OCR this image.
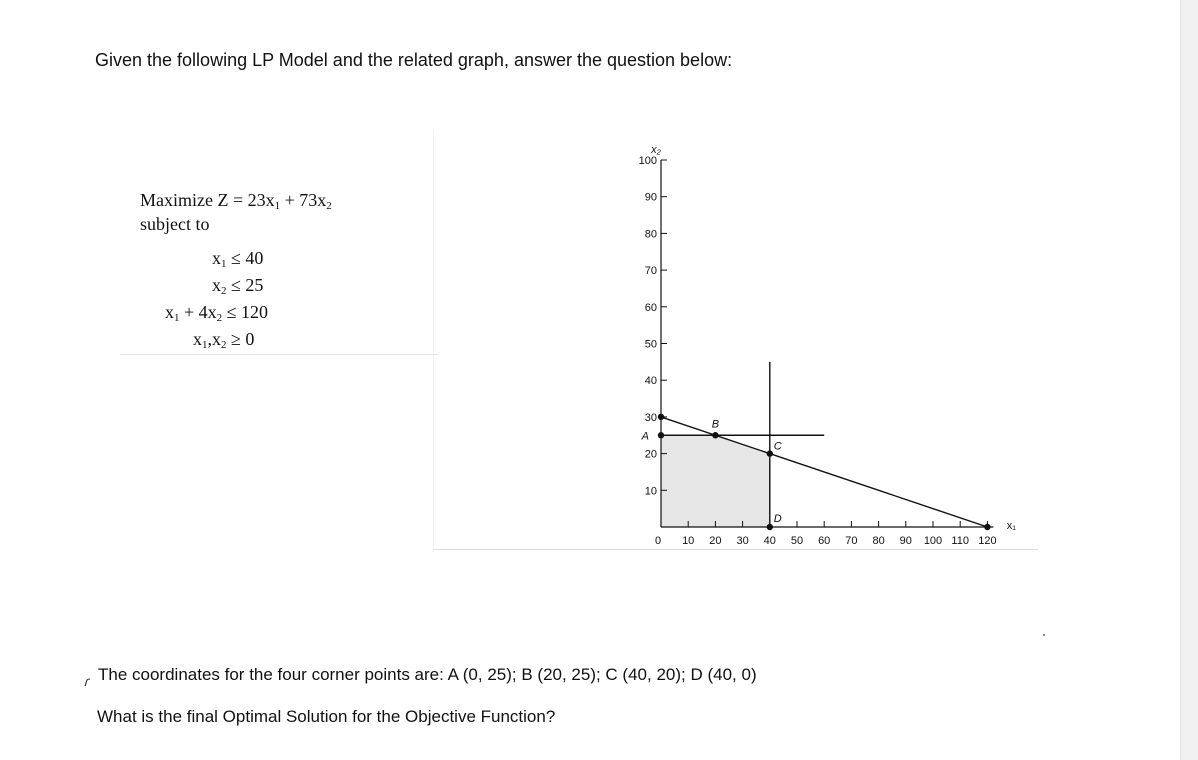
Given the following LP Model and the related graph, answer the question below:
Maximize $Z = 23x_1 + 73x_2$
subject to
$x_1 \le 40$
$x_2 \le 25$
$x_1 + 4x_2 \le 120$
$x_1,x_2 \ge 0$
10
20
30
40
50
60
70
80
90
100
0 10 20 30 40 50 60 70 80 90 100 110 120
x₂
x₁
A
B
C
D
ɾ The coordinates for the four corner points are: A (0, 25); B (20, 25); C (40, 20); D (40, 0)
What is the final Optimal Solution for the Objective Function?
